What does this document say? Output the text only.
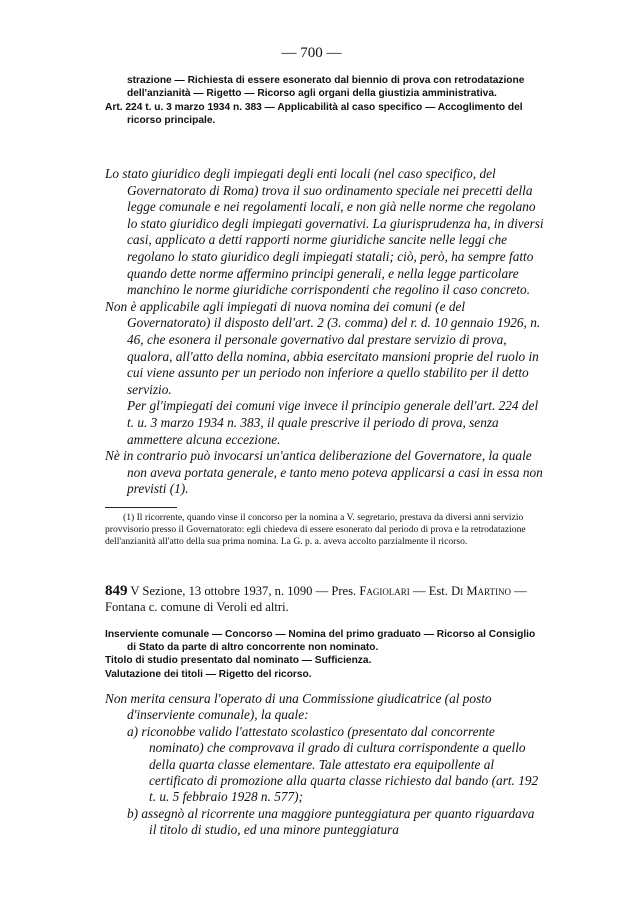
— 700 —
strazione — Richiesta di essere esonerato dal biennio di prova con retrodatazione dell'anzianità — Rigetto — Ricorso agli organi della giustizia amministrativa.
Art. 224 t. u. 3 marzo 1934 n. 383 — Applicabilità al caso specifico — Accoglimento del ricorso principale.

Lo stato giuridico degli impiegati degli enti locali (nel caso specifico, del Governatorato di Roma) trova il suo ordinamento speciale nei precetti della legge comunale e nei regolamenti locali, e non già nelle norme che regolano lo stato giuridico degli impiegati governativi. La giurisprudenza ha, in diversi casi, applicato a detti rapporti norme giuridiche sancite nelle leggi che regolano lo stato giuridico degli impiegati statali; ciò, però, ha sempre fatto quando dette norme affermino principi generali, e nella legge particolare manchino le norme giuridiche corrispondenti che regolino il caso concreto.

Non è applicabile agli impiegati di nuova nomina dei comuni (e del Governatorato) il disposto dell'art. 2 (3. comma) del r. d. 10 gennaio 1926, n. 46, che esonera il personale governativo dal prestare servizio di prova, qualora, all'atto della nomina, abbia esercitato mansioni proprie del ruolo in cui viene assunto per un periodo non inferiore a quello stabilito per il detto servizio.

Per gl'impiegati dei comuni vige invece il principio generale dell'art. 224 del t. u. 3 marzo 1934 n. 383, il quale prescrive il periodo di prova, senza ammettere alcuna eccezione.

Nè in contrario può invocarsi un'antica deliberazione del Governatore, la quale non aveva portata generale, e tanto meno poteva applicarsi a casi in essa non previsti (1).

(1) Il ricorrente, quando vinse il concorso per la nomina a V. segretario, prestava da diversi anni servizio provvisorio presso il Governatorato: egli chiedeva di essere esonerato dal periodo di prova e la retrodatazione dell'anzianità all'atto della sua prima nomina. La G. p. a. aveva accolto parzialmente il ricorso.
849 V Sezione, 13 ottobre 1937, n. 1090 — Pres. Fagiolari — Est. Di Martino — Fontana c. comune di Veroli ed altri.

Inserviente comunale — Concorso — Nomina del primo graduato — Ricorso al Consiglio di Stato da parte di altro concorrente non nominato.

Titolo di studio presentato dal nominato — Sufficienza.

Valutazione dei titoli — Rigetto del ricorso.

Non merita censura l'operato di una Commissione giudicatrice (al posto d'inserviente comunale), la quale:

a) riconobbe valido l'attestato scolastico (presentato dal concorrente nominato) che comprovava il grado di cultura corrispondente a quello della quarta classe elementare. Tale attestato era equipollente al certificato di promozione alla quarta classe richiesto dal bando (art. 192 t. u. 5 febbraio 1928 n. 577);

b) assegnò al ricorrente una maggiore punteggiatura per quanto riguardava il titolo di studio, ed una minore punteggiatura
